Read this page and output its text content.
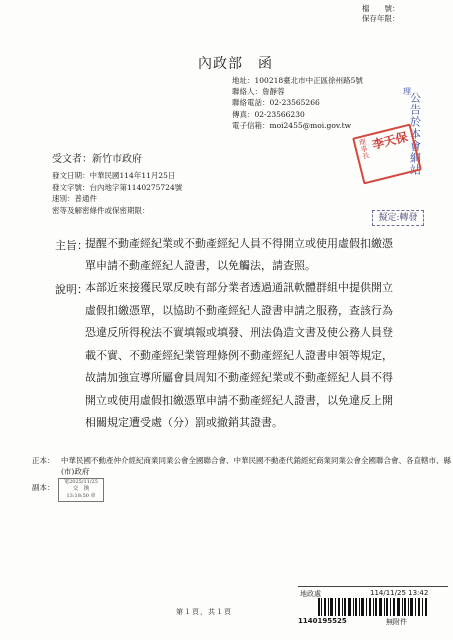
檔　　號：
保存年限：
內政部　函
地址：100218臺北市中正區徐州路5號
聯絡人：詹靜蓉
聯絡電話：02-23565266
傳真：02-23566230
電子信箱：moi2455@moi.gov.tw
理
公告於本會網站
理事長
李天保
擬定:轉發
受文者：新竹市政府
發文日期：中華民國114年11月25日
發文字號：台內地字第1140275724號
速別：普通件
密等及解密條件或保密期限：
主旨：
提醒不動產經紀業或不動產經紀人員不得開立或使用虛假扣繳憑單申請不動產經紀人證書，以免觸法，請查照。
說明：
本部近來接獲民眾反映有部分業者透過通訊軟體群組中提供開立虛假扣繳憑單，以協助不動產經紀人證書申請之服務，查該行為恐違反所得稅法不實填報或填發、刑法偽造文書及使公務人員登載不實、不動產經紀業管理條例不動產經紀人證書申領等規定，故請加強宣導所屬會員周知不動產經紀業或不動產經紀人員不得開立或使用虛假扣繳憑單申請不動產經紀人證書，以免違反上開相關規定遭受處（分）罰或撤銷其證書。
正本： 中華民國不動產仲介經紀商業同業公會全國聯合會、中華民國不動產代銷經紀商業同業公會全國聯合會、各直轄市、縣(市)政府
副本：
電2025/11/25
交　換
13:18:50 章
第１頁，共１頁
地政處	114/11/25 13:42
1140195525	無附件
